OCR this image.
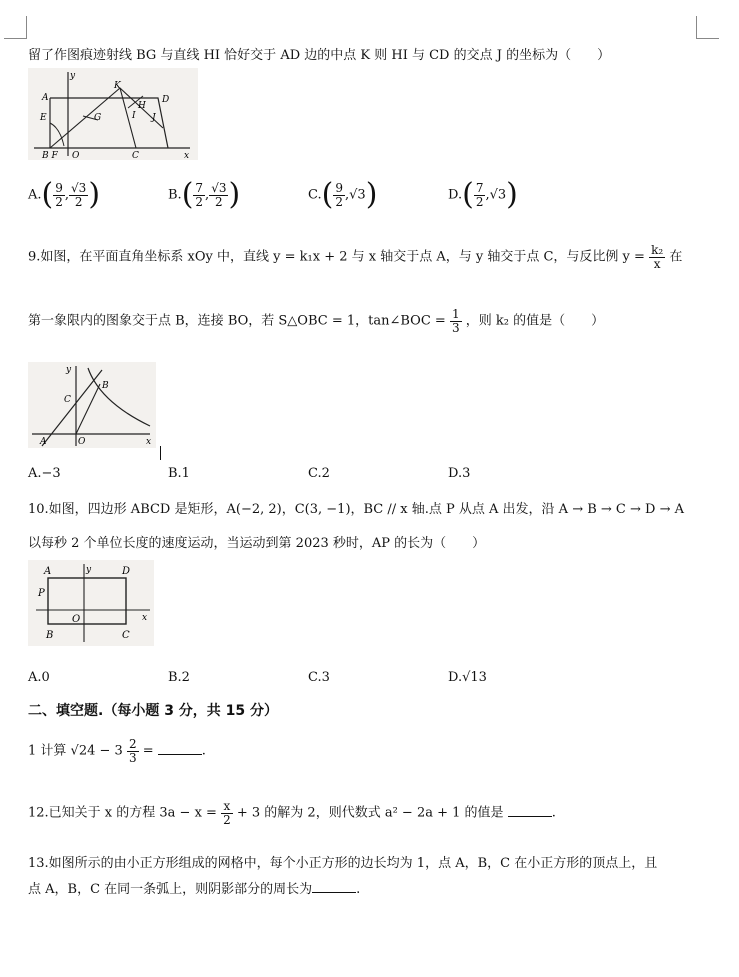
留了作图痕迹射线 BG 与直线 HI 恰好交于 AD 边的中点 K 则 HI 与 CD 的交点 J 的坐标为（　　）
y
A
K
D
E	G
H
I J
B F O	C	x
$A.( \frac{9}{2}$ , $\frac{√3}{2}$ )	$B.( \frac{7}{2}$ , $\frac{√3}{2}$ )	$C.( \frac{9}{2} ,√3)$	$D.( \frac{7}{2} ,√3)$
9.如图，在平面直角坐标系 xOy 中，直线 y = k₁x + 2 与 x 轴交于点 A，与 y 轴交于点 C，与反比例 $y = \frac{\text{k₂}}{x}$ 在
第一象限内的图象交于点 B，连接 BO，若 S△OBC = 1，tan∠BOC = $\frac{1}{3}$ ，则 k₂ 的值是（　　）
y
B
C
A	O	x
A.−3	B.1	C.2	D.3
10.如图，四边形 ABCD 是矩形，A(−2, 2)，C(3, −1)，BC // x 轴.点 P 从点 A 出发，沿 A → B → C → D → A
以每秒 2 个单位长度的速度运动，当运动到第 2023 秒时，AP 的长为（　　）
A	y	D
P
O	x
B	C
A.0	B.2	C.3	D.√13
二、填空题.（每小题 3 分，共 15 分）
1 计算 $√24 - 3 \frac{2}{3}$ =	.
12.已知关于 x 的方程 $3a - x = \frac{x}{2} + 3$ 的解为 2，则代数式 a² − 2a + 1 的值是	.
13.如图所示的由小正方形组成的网格中，每个小正方形的边长均为 1，点 A，B，C 在小正方形的顶点上，且
点 A，B，C 在同一条弧上，则阴影部分的周长为	.
